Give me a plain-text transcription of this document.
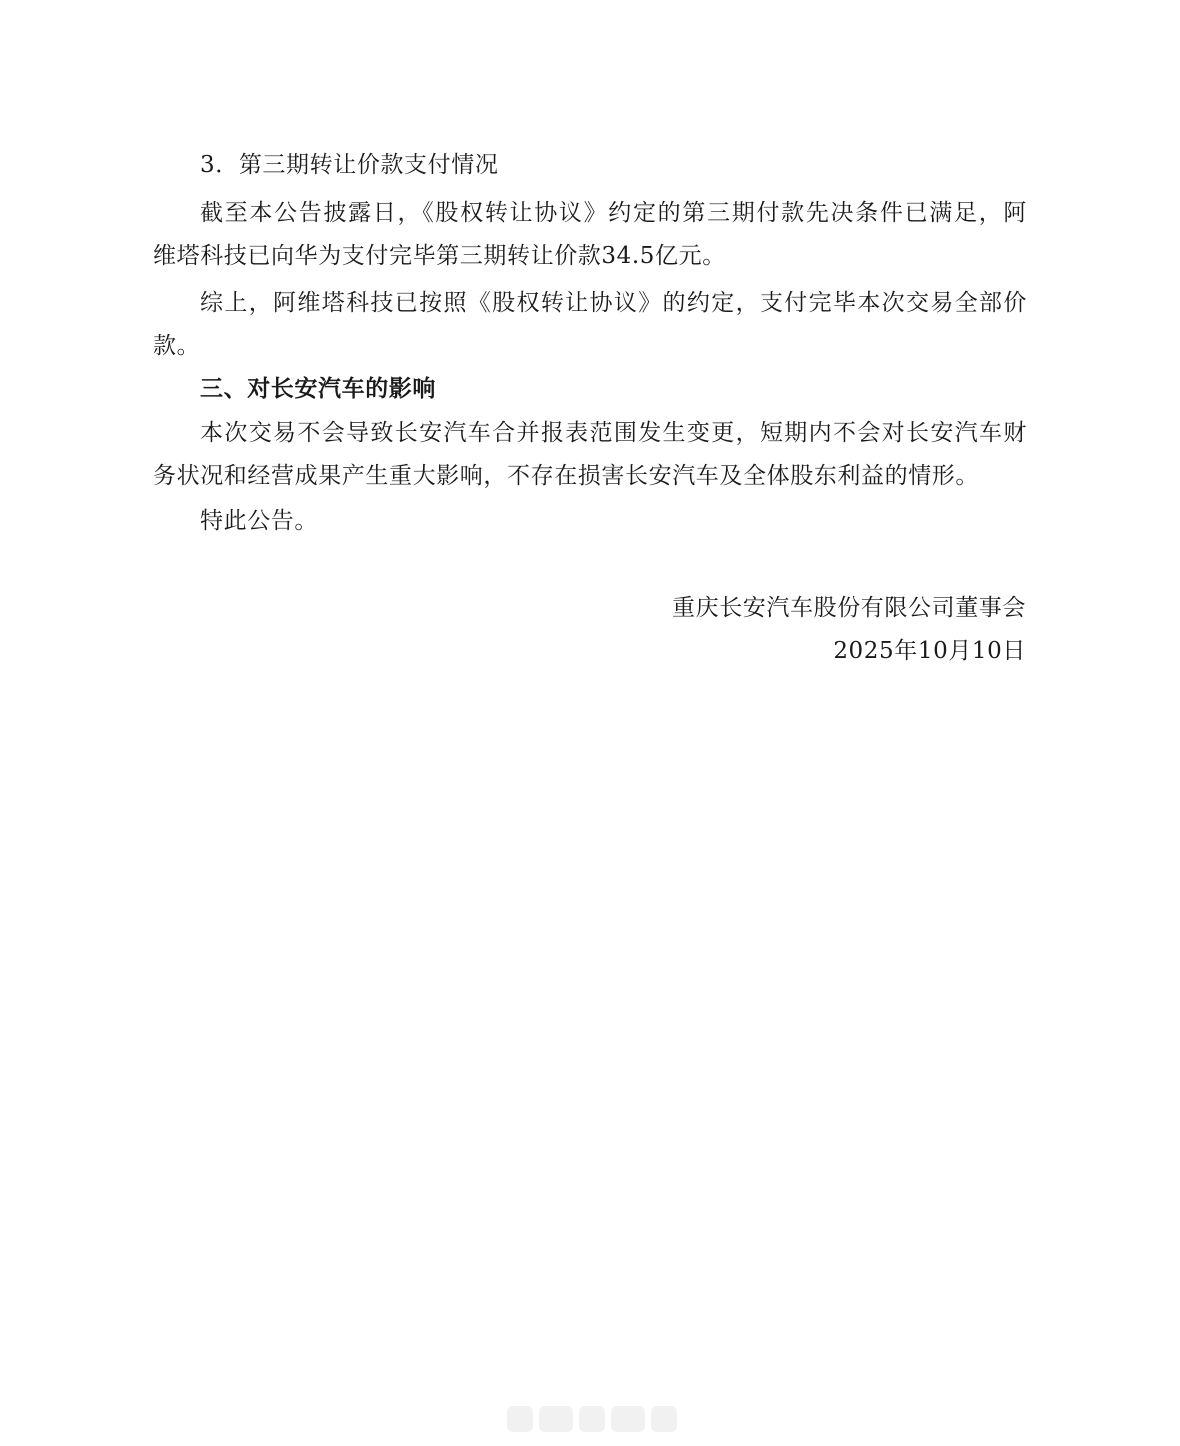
3．第三期转让价款支付情况
截至本公告披露日，《股权转让协议》约定的第三期付款先决条件已满足，阿
维塔科技已向华为支付完毕第三期转让价款34.5亿元。
综上，阿维塔科技已按照《股权转让协议》的约定，支付完毕本次交易全部价
款。
三、对长安汽车的影响
本次交易不会导致长安汽车合并报表范围发生变更，短期内不会对长安汽车财
务状况和经营成果产生重大影响，不存在损害长安汽车及全体股东利益的情形。
特此公告。
重庆长安汽车股份有限公司董事会
2025年10月10日
